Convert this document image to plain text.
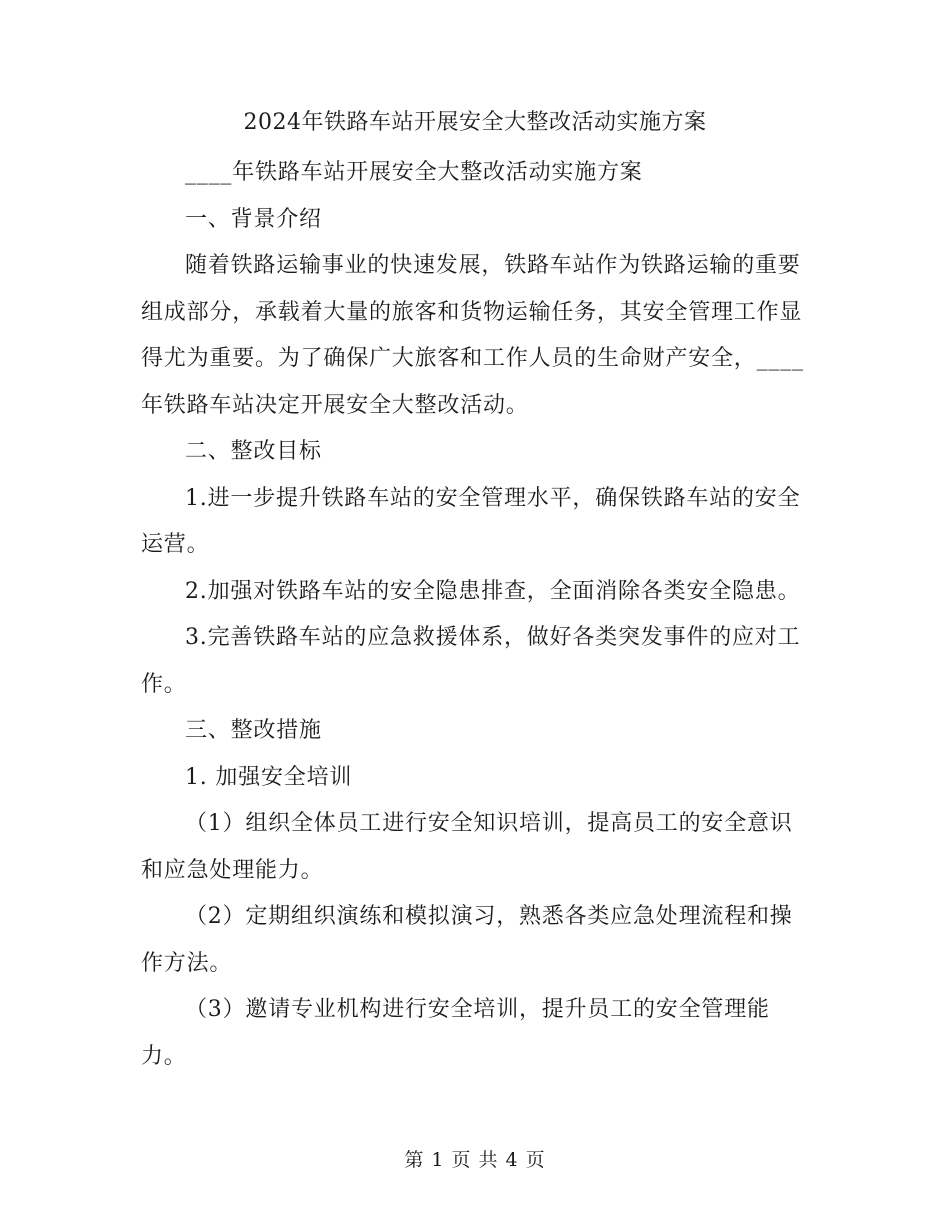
2024年铁路车站开展安全大整改活动实施方案

____年铁路车站开展安全大整改活动实施方案

一、背景介绍

随着铁路运输事业的快速发展，铁路车站作为铁路运输的重要组成部分，承载着大量的旅客和货物运输任务，其安全管理工作显得尤为重要。为了确保广大旅客和工作人员的生命财产安全，____年铁路车站决定开展安全大整改活动。

二、整改目标

1.进一步提升铁路车站的安全管理水平，确保铁路车站的安全运营。

2.加强对铁路车站的安全隐患排查，全面消除各类安全隐患。

3.完善铁路车站的应急救援体系，做好各类突发事件的应对工作。

三、整改措施

1. 加强安全培训

（1）组织全体员工进行安全知识培训，提高员工的安全意识和应急处理能力。

（2）定期组织演练和模拟演习，熟悉各类应急处理流程和操作方法。

（3）邀请专业机构进行安全培训，提升员工的安全管理能力。

第 1 页 共 4 页
